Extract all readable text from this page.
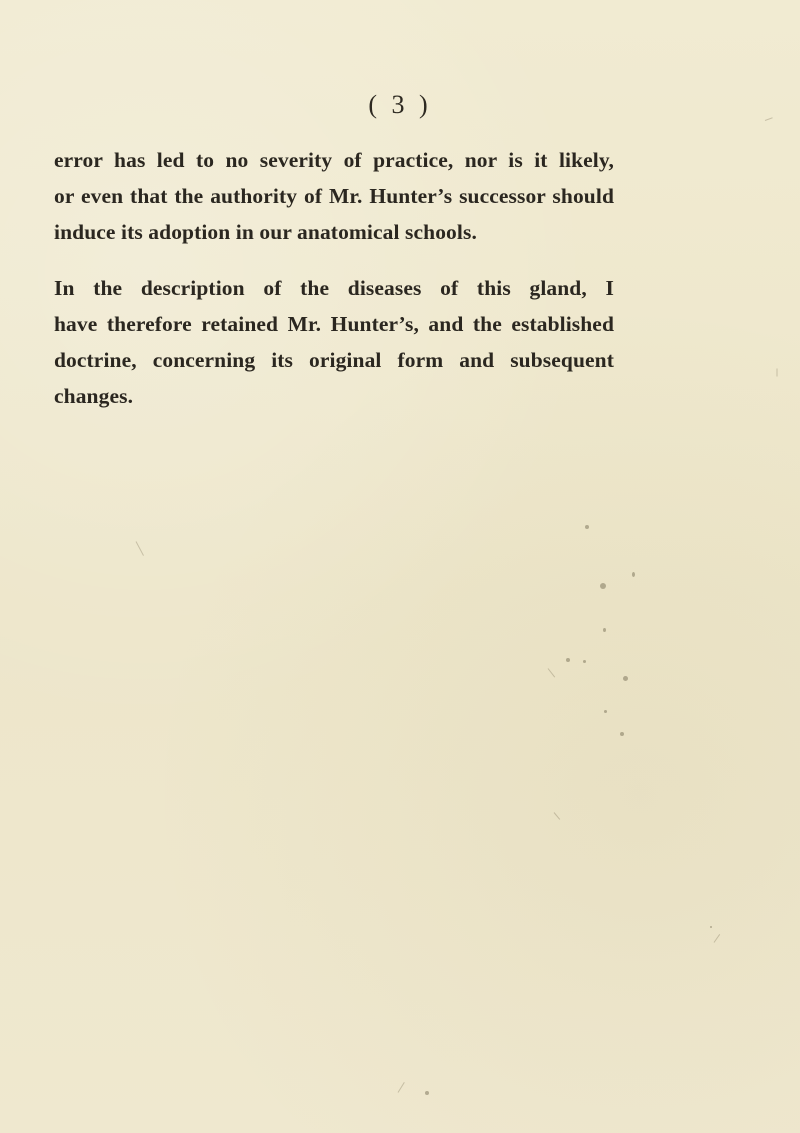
( 3 )
error has led to no severity of practice, nor is it likely,
or even that the authority of Mr. Hunter’s successor should
induce its adoption in our anatomical schools.
In the description of the diseases of this gland, I
have therefore retained Mr. Hunter’s, and the established
doctrine, concerning its original form and subsequent
changes.
